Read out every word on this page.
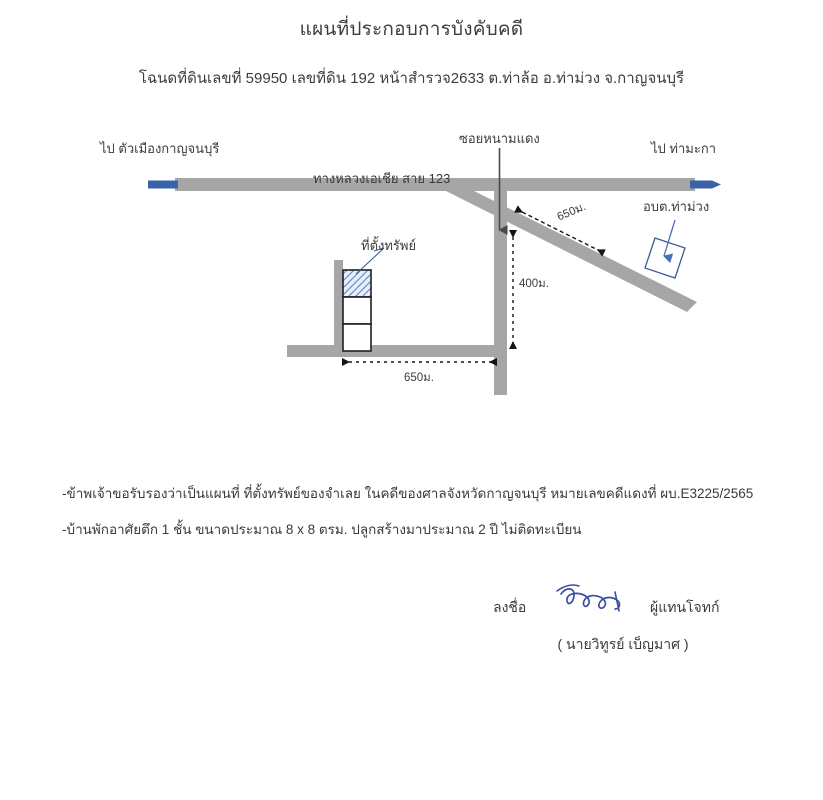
แผนที่ประกอบการบังคับคดี
โฉนดที่ดินเลขที่ 59950 เลขที่ดิน 192 หน้าสำรวจ2633 ต.ท่าล้อ อ.ท่าม่วง จ.กาญจนบุรี
ไป ตัวเมืองกาญจนบุรี	ไป ท่ามะกา
ทางหลวงเอเชีย สาย 123
ซอยหนามแดง
ที่ตั้งทรัพย์
อบต.ท่าม่วง
650ม.
400ม.
650ม.
-ข้าพเจ้าขอรับรองว่าเป็นแผนที่ ที่ตั้งทรัพย์ของจำเลย ในคดีของศาลจังหวัดกาญจนบุรี หมายเลขคดีแดงที่ ผบ.E3225/2565
-บ้านพักอาศัยตึก 1 ชั้น ขนาดประมาณ 8 x 8 ตรม. ปลูกสร้างมาประมาณ 2 ปี ไม่ติดทะเบียน
ลงชื่อ	ผู้แทนโจทก์
( นายวิทูรย์ เบ็ญมาศ )
